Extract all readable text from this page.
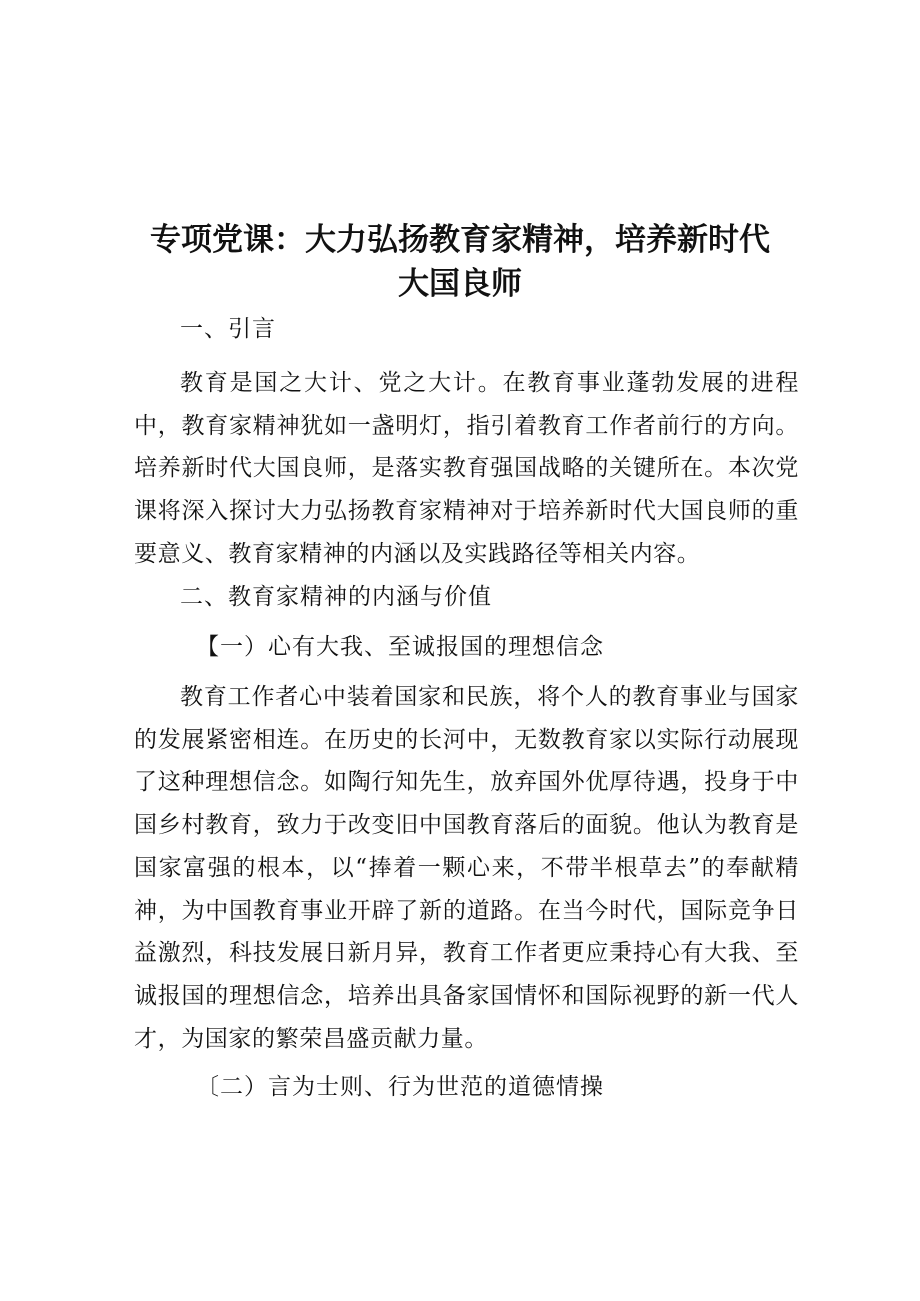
专项党课：大力弘扬教育家精神，培养新时代
大国良师

一、引言

教育是国之大计、党之大计。在教育事业蓬勃发展的进程中，教育家精神犹如一盏明灯，指引着教育工作者前行的方向。培养新时代大国良师，是落实教育强国战略的关键所在。本次党课将深入探讨大力弘扬教育家精神对于培养新时代大国良师的重要意义、教育家精神的内涵以及实践路径等相关内容。

二、教育家精神的内涵与价值

【一）心有大我、至诚报国的理想信念

教育工作者心中装着国家和民族，将个人的教育事业与国家的发展紧密相连。在历史的长河中，无数教育家以实际行动展现了这种理想信念。如陶行知先生，放弃国外优厚待遇，投身于中国乡村教育，致力于改变旧中国教育落后的面貌。他认为教育是国家富强的根本，以“捧着一颗心来，不带半根草去”的奉献精神，为中国教育事业开辟了新的道路。在当今时代，国际竞争日益激烈，科技发展日新月异，教育工作者更应秉持心有大我、至诚报国的理想信念，培养出具备家国情怀和国际视野的新一代人才，为国家的繁荣昌盛贡献力量。

〔二）言为士则、行为世范的道德情操
